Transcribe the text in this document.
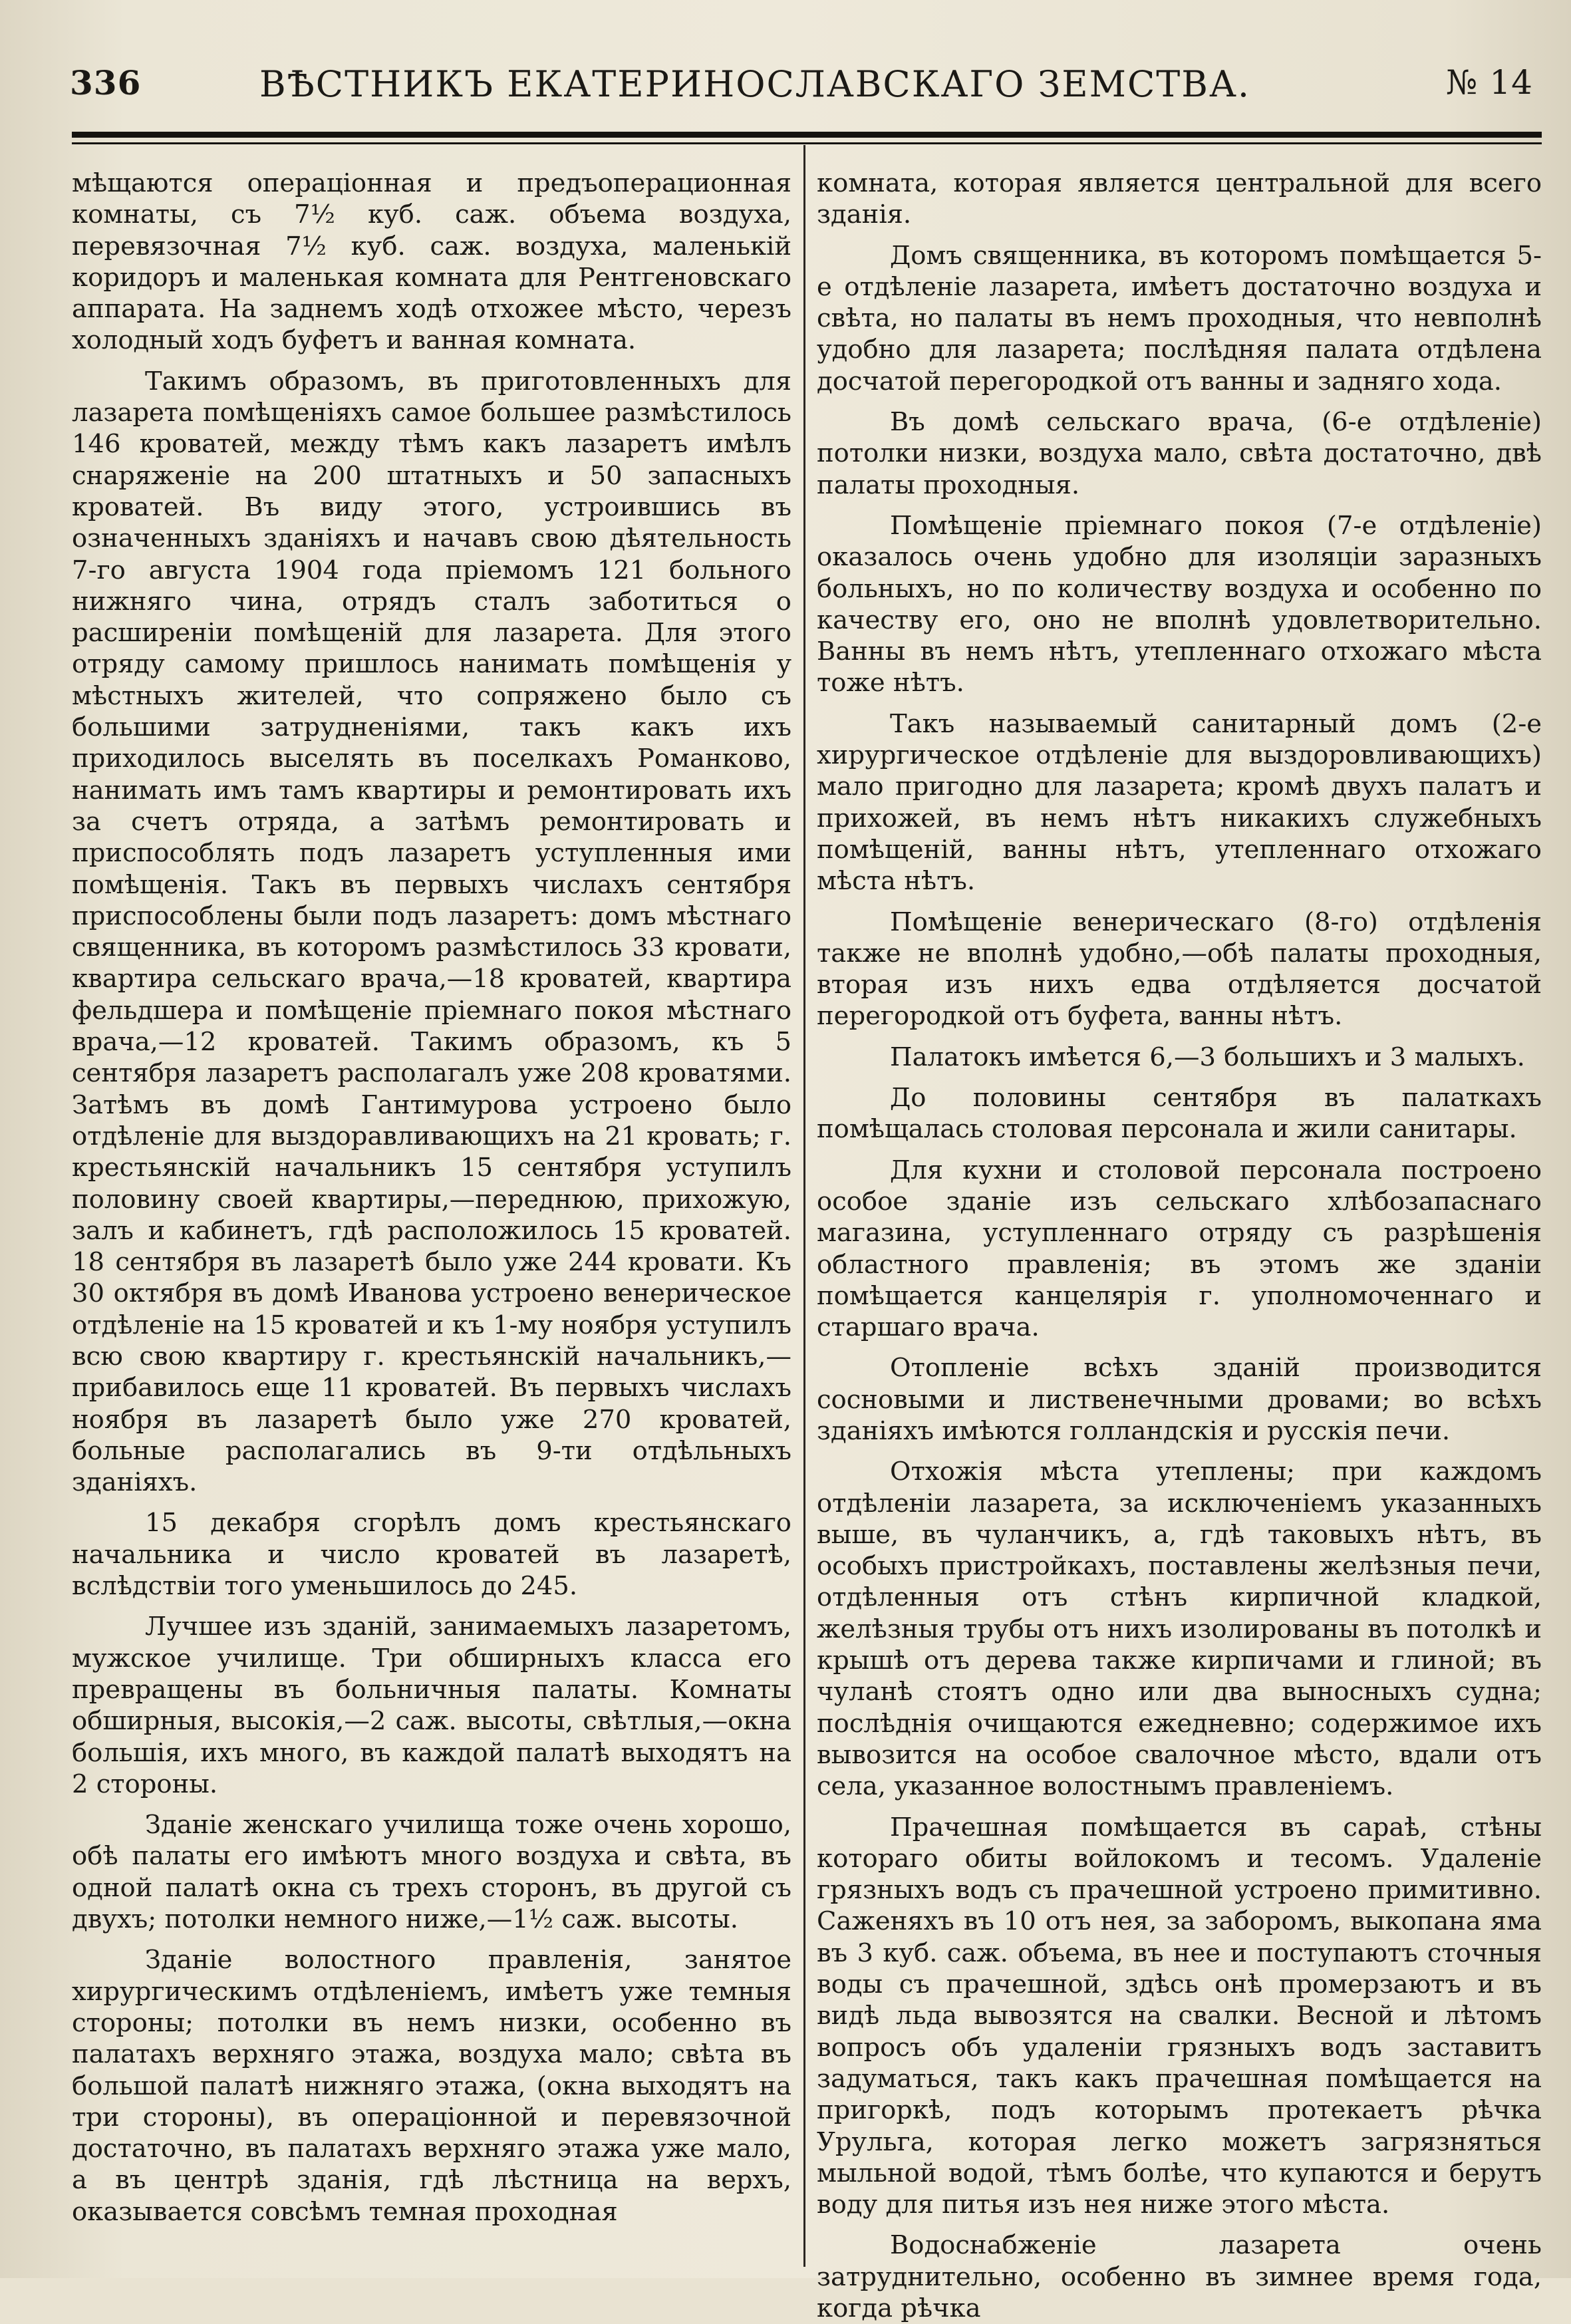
336	ВѢСТНИКЪ ЕКАТЕРИНОСЛАВСКАГО ЗЕМСТВА.	№ 14

мѣщаются операціонная и предъоперационная комнаты, съ 7½ куб. саж. объема воздуха, перевязочная 7½ куб. саж. воздуха, маленькій коридоръ и маленькая комната для Рентгеновскаго аппарата. На заднемъ ходѣ отхожее мѣсто, черезъ холодный ходъ буфетъ и ванная комната.

Такимъ образомъ, въ приготовленныхъ для лазарета помѣщеніяхъ самое большее размѣстилось 146 кроватей, между тѣмъ какъ лазаретъ имѣлъ снаряженіе на 200 штатныхъ и 50 запасныхъ кроватей. Въ виду этого, устроившись въ означенныхъ зданіяхъ и начавъ свою дѣятельность 7-го августа 1904 года пріемомъ 121 больного нижняго чина, отрядъ сталъ заботиться о расширеніи помѣщеній для лазарета. Для этого отряду самому пришлось нанимать помѣщенія у мѣстныхъ жителей, что сопряжено было съ большими затрудненіями, такъ какъ ихъ приходилось выселять въ поселкахъ Романково, нанимать имъ тамъ квартиры и ремонтировать ихъ за счетъ отряда, а затѣмъ ремонтировать и приспособлять подъ лазаретъ уступленныя ими помѣщенія. Такъ въ первыхъ числахъ сентября приспособлены были подъ лазаретъ: домъ мѣстнаго священника, въ которомъ размѣстилось 33 кровати, квартира сельскаго врача,—18 кроватей, квартира фельдшера и помѣщеніе пріемнаго покоя мѣстнаго врача,—12 кроватей. Такимъ образомъ, къ 5 сентября лазаретъ располагалъ уже 208 кроватями. Затѣмъ въ домѣ Гантимурова устроено было отдѣленіе для выздоравливающихъ на 21 кровать; г. крестьянскій начальникъ 15 сентября уступилъ половину своей квартиры,—переднюю, прихожую, залъ и кабинетъ, гдѣ расположилось 15 кроватей. 18 сентября въ лазаретѣ было уже 244 кровати. Къ 30 октября въ домѣ Иванова устроено венерическое отдѣленіе на 15 кроватей и къ 1-му ноября уступилъ всю свою квартиру г. крестьянскій начальникъ,—прибавилось еще 11 кроватей. Въ первыхъ числахъ ноября въ лазаретѣ было уже 270 кроватей, больные располагались въ 9-ти отдѣльныхъ зданіяхъ.

15 декабря сгорѣлъ домъ крестьянскаго начальника и число кроватей въ лазаретѣ, вслѣдствіи того уменьшилось до 245.

Лучшее изъ зданій, занимаемыхъ лазаретомъ, мужское училище. Три обширныхъ класса его превращены въ больничныя палаты. Комнаты обширныя, высокія,—2 саж. высоты, свѣтлыя,—окна большія, ихъ много, въ каждой палатѣ выходятъ на 2 стороны.

Зданіе женскаго училища тоже очень хорошо, обѣ палаты его имѣютъ много воздуха и свѣта, въ одной палатѣ окна съ трехъ сторонъ, въ другой съ двухъ; потолки немного ниже,—1½ саж. высоты.

Зданіе волостного правленія, занятое хирургическимъ отдѣленіемъ, имѣетъ уже темныя стороны; потолки въ немъ низки, особенно въ палатахъ верхняго этажа, воздуха мало; свѣта въ большой палатѣ нижняго этажа, (окна выходятъ на три стороны), въ операціонной и перевязочной достаточно, въ палатахъ верхняго этажа уже мало, а въ центрѣ зданія, гдѣ лѣстница на верхъ, оказывается совсѣмъ темная проходная

комната, которая является центральной для всего зданія.

Домъ священника, въ которомъ помѣщается 5-е отдѣленіе лазарета, имѣетъ достаточно воздуха и свѣта, но палаты въ немъ проходныя, что невполнѣ удобно для лазарета; послѣдняя палата отдѣлена досчатой перегородкой отъ ванны и задняго хода.

Въ домѣ сельскаго врача, (6-е отдѣленіе) потолки низки, воздуха мало, свѣта достаточно, двѣ палаты проходныя.

Помѣщеніе пріемнаго покоя (7-е отдѣленіе) оказалось очень удобно для изоляціи заразныхъ больныхъ, но по количеству воздуха и особенно по качеству его, оно не вполнѣ удовлетворительно. Ванны въ немъ нѣтъ, утепленнаго отхожаго мѣста тоже нѣтъ.

Такъ называемый санитарный домъ (2-е хирургическое отдѣленіе для выздоровливающихъ) мало пригодно для лазарета; кромѣ двухъ палатъ и прихожей, въ немъ нѣтъ никакихъ служебныхъ помѣщеній, ванны нѣтъ, утепленнаго отхожаго мѣста нѣтъ.

Помѣщеніе венерическаго (8-го) отдѣленія также не вполнѣ удобно,—обѣ палаты проходныя, вторая изъ нихъ едва отдѣляется досчатой перегородкой отъ буфета, ванны нѣтъ.

Палатокъ имѣется 6,—3 большихъ и 3 малыхъ.

До половины сентября въ палаткахъ помѣщалась столовая персонала и жили санитары.

Для кухни и столовой персонала построено особое зданіе изъ сельскаго хлѣбозапаснаго магазина, уступленнаго отряду съ разрѣшенія областного правленія; въ этомъ же зданіи помѣщается канцелярія г. уполномоченнаго и старшаго врача.

Отопленіе всѣхъ зданій производится сосновыми и лиственечными дровами; во всѣхъ зданіяхъ имѣются голландскія и русскія печи.

Отхожія мѣста утеплены; при каждомъ отдѣленіи лазарета, за исключеніемъ указанныхъ выше, въ чуланчикъ, а, гдѣ таковыхъ нѣтъ, въ особыхъ пристройкахъ, поставлены желѣзныя печи, отдѣленныя отъ стѣнъ кирпичной кладкой, желѣзныя трубы отъ нихъ изолированы въ потолкѣ и крышѣ отъ дерева также кирпичами и глиной; въ чуланѣ стоятъ одно или два выносныхъ судна; послѣднія очищаются ежедневно; содержимое ихъ вывозится на особое свалочное мѣсто, вдали отъ села, указанное волостнымъ правленіемъ.

Прачешная помѣщается въ сараѣ, стѣны котораго обиты войлокомъ и тесомъ. Удаленіе грязныхъ водъ съ прачешной устроено примитивно. Саженяхъ въ 10 отъ нея, за заборомъ, выкопана яма въ 3 куб. саж. объема, въ нее и поступаютъ сточныя воды съ прачешной, здѣсь онѣ промерзаютъ и въ видѣ льда вывозятся на свалки. Весной и лѣтомъ вопросъ объ удаленіи грязныхъ водъ заставитъ задуматься, такъ какъ прачешная помѣщается на пригоркѣ, подъ которымъ протекаетъ рѣчка Урульга, которая легко можетъ загрязняться мыльной водой, тѣмъ болѣе, что купаются и берутъ воду для питья изъ нея ниже этого мѣста.

Водоснабженіе лазарета очень затруднительно, особенно въ зимнее время года, когда рѣчка
